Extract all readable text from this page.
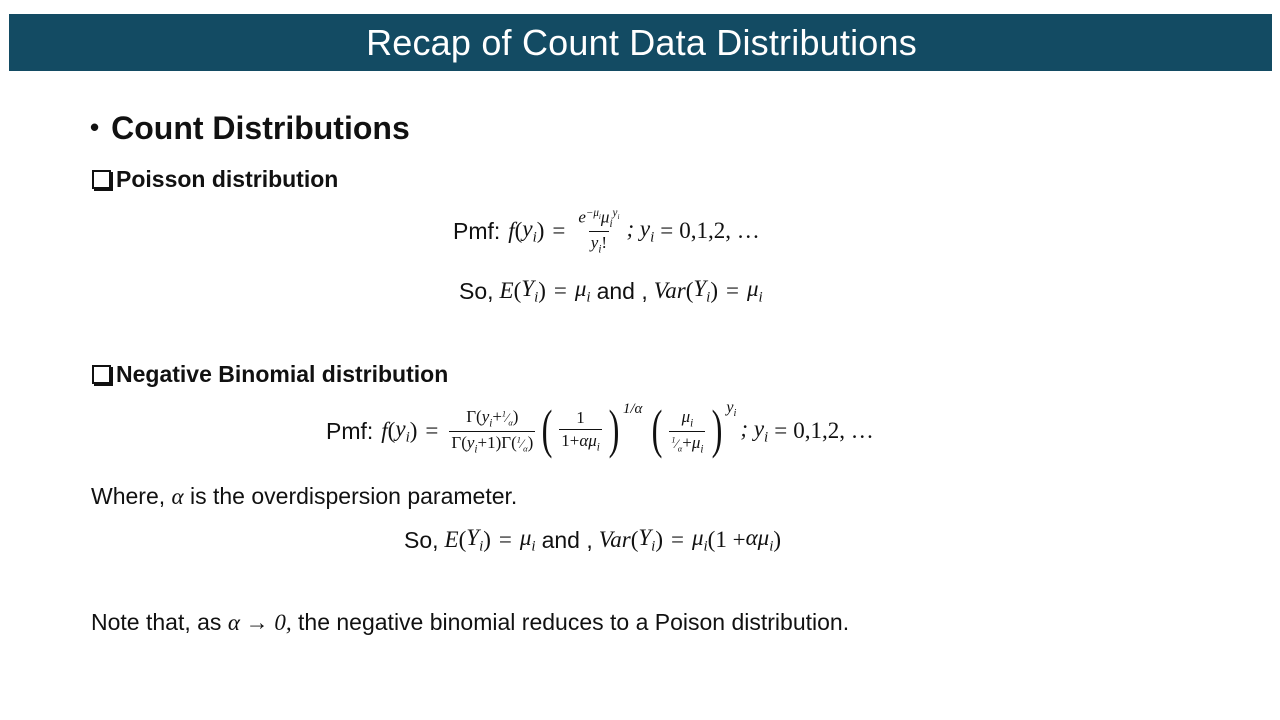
Recap of Count Data Distributions
• Count Distributions
Poisson distribution
Pmf: f ( $y_i$ ) = $\frac{e^{-\mu_i}\mu_i^{y_i}}{y_i!}$ ; $y_i = 0,1,2$, …
So, E ( $Y_i$ ) = $\mu_i$ and , Var ( $Y_i$ ) = $\mu_i$
Negative Binomial distribution
Pmf: f ( $y_i$ ) = $\frac{\Gamma(y_i+^1⁄_\alpha)}{\Gamma(y_i+1)\Gamma(^1⁄_\alpha)}$ ( $\frac{1}{1+\alpha\mu_i}$ ) 1/α ( $\frac{\mu_i}{^1⁄_\alpha+\mu_i}$ ) $y_i$
; $y_i = 0,1,2$, …
Where, α is the overdispersion parameter.
So, E ( $Y_i$ ) = $\mu_i$ and , Var ( $Y_i$ ) = $\mu_i$ ($1 + \alpha\mu_i$ )
Note that, as α → 0, the negative binomial reduces to a Poison distribution.
